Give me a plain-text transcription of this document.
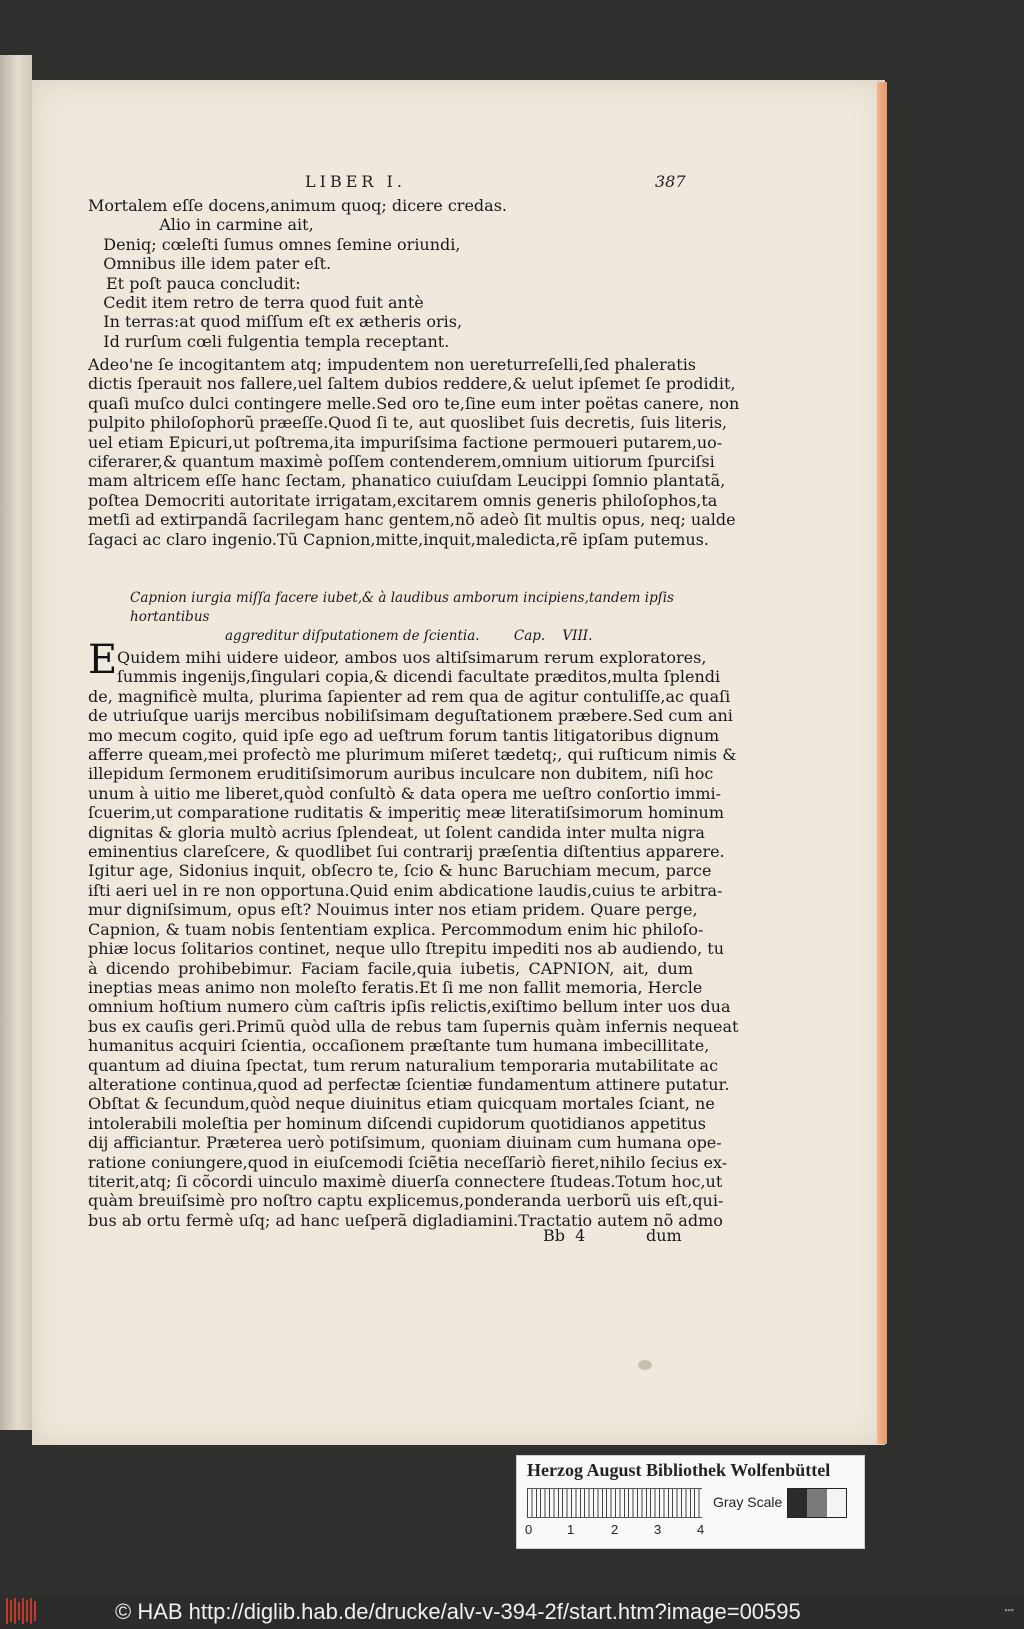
LIBER I.	387
Mortalem eſſe docens,animum quoq; dicere credas.
Alio in carmine ait,
Deniq; cœleſti ſumus omnes ſemine oriundi,
Omnibus ille idem pater eſt.
Et poſt pauca concludit:
Cedit item retro de terra quod fuit antè
In terras:at quod miſſum eſt ex ætheris oris,
Id rurſum cœli fulgentia templa receptant.
Adeo'ne ſe incogitantem atq; impudentem non uereturreſelli,ſed phaleratis
dictis ſperauit nos fallere,uel ſaltem dubios reddere,& uelut ipſemet ſe prodidit,
quaſi muſco dulci contingere melle.Sed oro te,ſine eum inter poëtas canere, non
pulpito philoſophorũ præeſſe.Quod ſi te, aut quoslibet ſuis decretis, ſuis literis,
uel etiam Epicuri,ut poſtrema,ita impuriſsima factione permoueri putarem,uo-
ciferarer,& quantum maximè poſſem contenderem,omnium uitiorum ſpurciſsi
mam altricem eſſe hanc ſectam, phanatico cuiuſdam Leucippi ſomnio plantatã,
poſtea Democriti autoritate irrigatam,excitarem omnis generis philoſophos,ta
metſi ad extirpandã ſacrilegam hanc gentem,nõ adeò ſit multis opus, neq; ualde
ſagaci ac claro ingenio.Tũ Capnion,mitte,inquit,maledicta,rẽ ipſam putemus.
Capnion iurgia miſſa facere iubet,& à laudibus amborum incipiens,tandem ipſis hortantibus
aggreditur diſputationem de ſcientia.        Cap.    VIII.
E Quidem mihi uidere uideor, ambos uos altiſsimarum rerum exploratores,
ſummis ingenijs,ſingulari copia,& dicendi facultate præditos,multa ſplendi
de, magnificè multa, plurima ſapienter ad rem qua de agitur contuliſſe,ac quaſi
de utriuſque uarijs mercibus nobiliſsimam deguſtationem præbere.Sed cum ani
mo mecum cogito, quid ipſe ego ad ueſtrum forum tantis litigatoribus dignum
afferre queam,mei profectò me plurimum miſeret tædetq;, qui ruſticum nimis &
illepidum ſermonem eruditiſsimorum auribus inculcare non dubitem, niſi hoc
unum à uitio me liberet,quòd conſultò & data opera me ueſtro conſortio immi-
ſcuerim,ut comparatione ruditatis & imperitiç meæ literatiſsimorum hominum
dignitas & gloria multò acrius ſplendeat, ut ſolent candida inter multa nigra
eminentius clareſcere, & quodlibet ſui contrarij præſentia diſtentius apparere.
Igitur age, Sidonius inquit, obſecro te, ſcio & hunc Baruchiam mecum, parce
iſti aeri uel in re non opportuna.Quid enim abdicatione laudis,cuius te arbitra-
mur digniſsimum, opus eſt? Nouimus inter nos etiam pridem. Quare perge,
Capnion, & tuam nobis ſententiam explica. Percommodum enim hic philoſo-
phiæ locus ſolitarios continet, neque ullo ſtrepitu impediti nos ab audiendo, tu
à dicendo prohibebimur. Faciam facile,quia iubetis, CAPNION, ait, dum
ineptias meas animo non moleſto feratis.Et ſi me non fallit memoria, Hercle
omnium hoſtium numero cùm caſtris ipſis relictis,exiſtimo bellum inter uos dua
bus ex cauſis geri.Primũ quòd ulla de rebus tam ſupernis quàm infernis nequeat
humanitus acquiri ſcientia, occaſionem præſtante tum humana imbecillitate,
quantum ad diuina ſpectat, tum rerum naturalium temporaria mutabilitate ac
alteratione continua,quod ad perfectæ ſcientiæ fundamentum attinere putatur.
Obſtat & ſecundum,quòd neque diuinitus etiam quicquam mortales ſciant, ne
intolerabili moleſtia per hominum diſcendi cupidorum quotidianos appetitus
dij afficiantur. Præterea uerò potiſsimum, quoniam diuinam cum humana ope-
ratione coniungere,quod in eiuſcemodi ſciẽtia neceſſariò fieret,nihilo ſecius ex-
titerit,atq; ſi cõcordi uinculo maximè diuerſa connectere ſtudeas.Totum hoc,ut
quàm breuiſsimè pro noſtro captu explicemus,ponderanda uerborũ uis eſt,qui-
bus ab ortu fermè uſq; ad hanc ueſperã digladiamini.Tractatio autem nõ admo
Bb  4	dum
Herzog August Bibliothek Wolfenbüttel
0	1	2	3	4
Gray Scale
© HAB http://diglib.hab.de/drucke/alv-v-394-2f/start.htm?image=00595	▪▪▪
